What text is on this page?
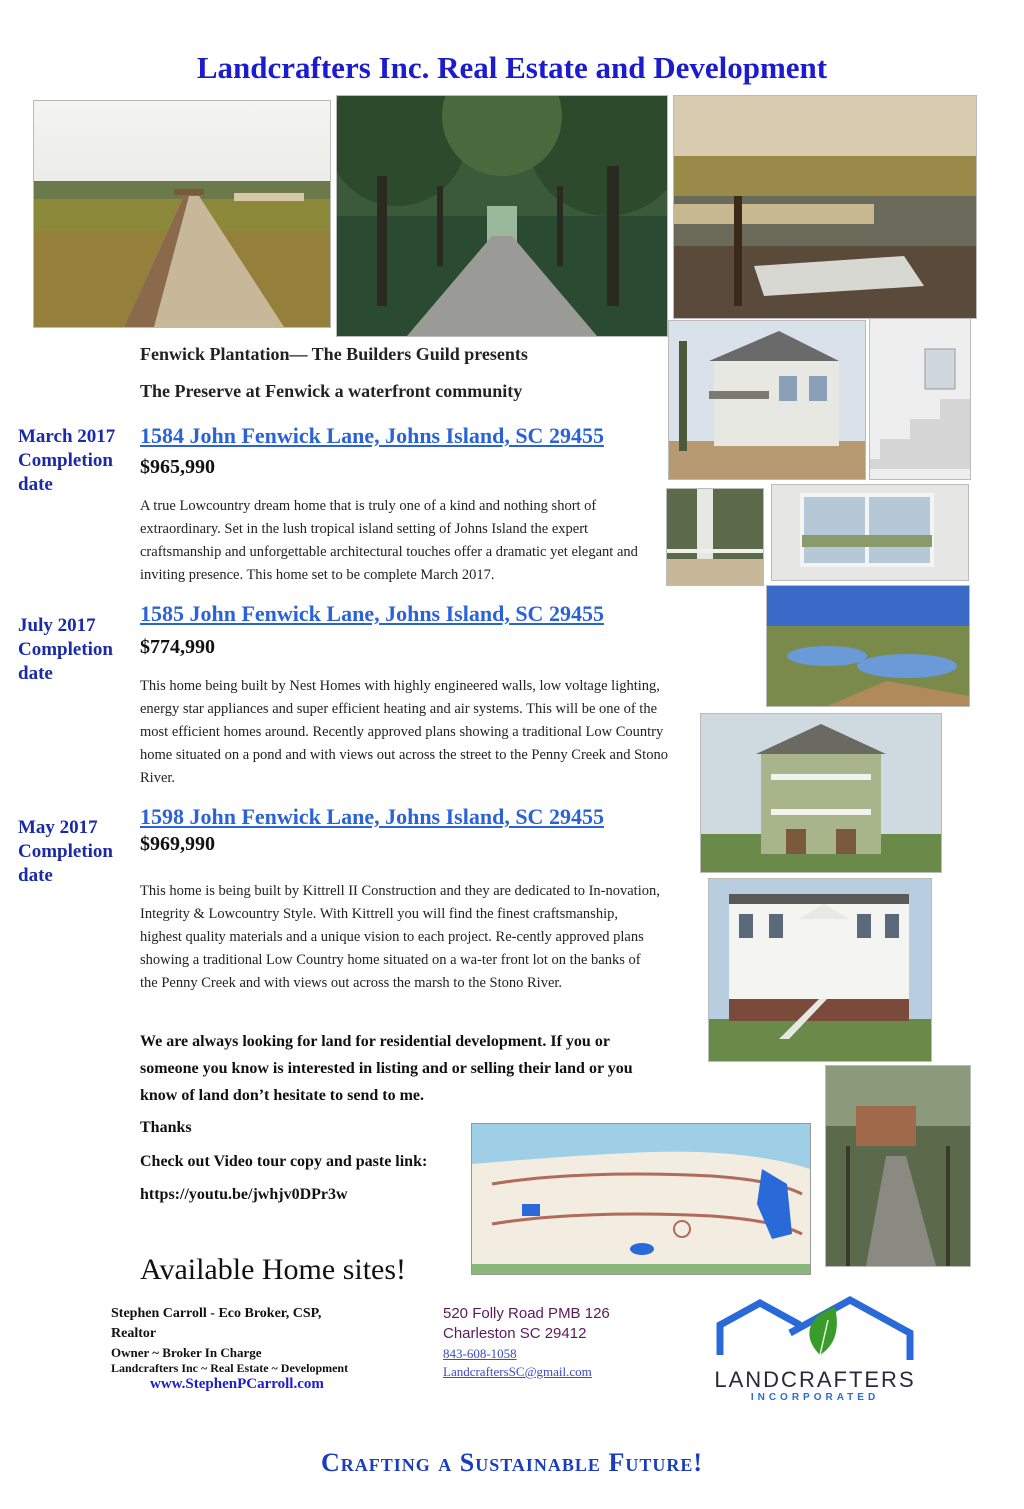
Landcrafters Inc. Real Estate and Development
Fenwick Plantation— The Builders Guild presents
The Preserve at Fenwick a waterfront community
March 2017
Completion
date
1584 John Fenwick Lane, Johns Island, SC 29455
$965,990
A true Lowcountry dream home that is truly one of a kind and nothing short of extraordinary. Set in the lush tropical island setting of Johns Island the expert craftsmanship and unforgettable architectural touches offer a dramatic yet elegant and inviting presence. This home set to be complete March 2017.
July 2017
Completion
date
1585 John Fenwick Lane, Johns Island, SC 29455
$774,990
This home being built by Nest Homes with highly engineered walls, low voltage lighting, energy star appliances and super efficient heating and air systems. This will be one of the most efficient homes around. Recently approved plans showing a traditional Low Country home situated on a pond and with views out across the street to the Penny Creek and Stono River.
May 2017
Completion
date
1598 John Fenwick Lane, Johns Island, SC 29455
$969,990
This home is being built by Kittrell II Construction and they are dedicated to In-novation, Integrity & Lowcountry Style. With Kittrell you will find the finest craftsmanship, highest quality materials and a unique vision to each project. Re-cently approved plans showing a traditional Low Country home situated on a wa-ter front lot on the banks of the Penny Creek and with views out across the marsh to the Stono River.
We are always looking for land for residential development. If you or someone you know is interested in listing and or selling their land or you know of land don’t hesitate to send to me.
Thanks
Check out Video tour copy and paste link:
https://youtu.be/jwhjv0DPr3w
Available Home sites!
Stephen Carroll - Eco Broker, CSP,
Realtor
Owner ~ Broker In Charge
Landcrafters Inc ~ Real Estate ~ Development
www.StephenPCarroll.com
520 Folly Road PMB 126
Charleston SC 29412
843-608-1058
LandcraftersSC@gmail.com	LANDCRAFTERS
INCORPORATED
Crafting a Sustainable Future!
